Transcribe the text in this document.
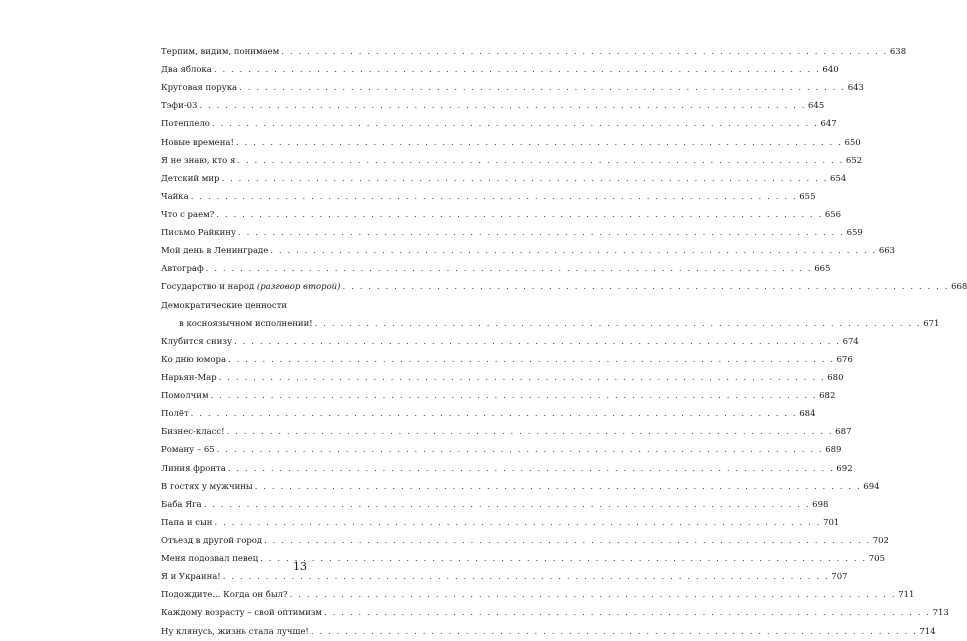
Терпим, видим, понимаем . . .	638
Два яблока . . .	640
Круговая порука . . .	643
Тэфи-03 . . .	645
Потеплело . . .	647
Новые времена! . . .	650
Я не знаю, кто я . . .	652
Детский мир . . .	654
Чайка . . .	655
Что с раем? . . .	656
Письмо Райкину . . .	659
Мой день в Ленинграде . . .	663
Автограф . . .	665
Государство и народ (разговор второй) . . .	668
Демократические ценности
в косноязычном исполнении! . . .	671
Клубится снизу . . .	674
Ко дню юмора . . .	676
Нарьян-Мар . . .	680
Помолчим . . .	682
Полёт . . .	684
Бизнес-класс! . . .	687
Роману – 65 . . .	689
Линия фронта . . .	692
В гостях у мужчины . . .	694
Баба Яга . . .	698
Папа и сын . . .	701
Отъезд в другой город . . .	702
Меня подозвал певец . . .	705
Я и Украина! . . .	707
Подождите... Когда он был? . . .	711
Каждому возрасту – свой оптимизм . . .	713
Ну клянусь, жизнь стала лучше! . . .	714
13
